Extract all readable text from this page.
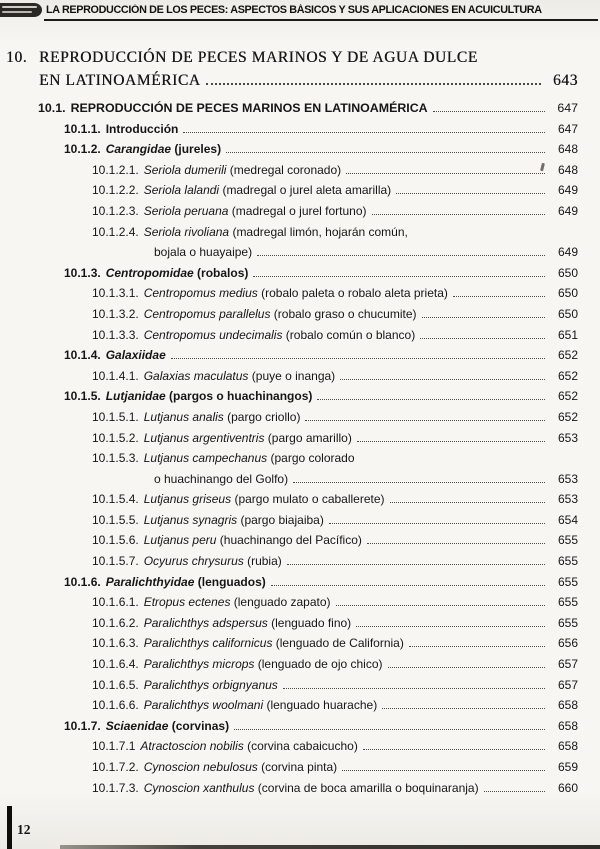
LA REPRODUCCIÓN DE LOS PECES: ASPECTOS BÁSICOS Y SUS APLICACIONES EN ACUICULTURA
10. REPRODUCCIÓN DE PECES MARINOS Y DE AGUA DULCE
EN LATINOAMÉRICA	643
10.1. REPRODUCCIÓN DE PECES MARINOS EN LATINOAMÉRICA	647
10.1.1. Introducción	647
10.1.2. Carangidae (jureles)	648
10.1.2.1. Seriola dumerili (medregal coronado)	648
10.1.2.2. Seriola lalandi (madregal o jurel aleta amarilla)	649
10.1.2.3. Seriola peruana (madregal o jurel fortuno)	649
10.1.2.4. Seriola rivoliana (madregal limón, hojarán común,
bojala o huayaipe)	649
10.1.3. Centropomidae (robalos)	650
10.1.3.1. Centropomus medius (robalo paleta o robalo aleta prieta)	650
10.1.3.2. Centropomus parallelus (robalo graso o chucumite)	650
10.1.3.3. Centropomus undecimalis (robalo común o blanco)	651
10.1.4. Galaxiidae	652
10.1.4.1. Galaxias maculatus (puye o inanga)	652
10.1.5. Lutjanidae (pargos o huachinangos)	652
10.1.5.1. Lutjanus analis (pargo criollo)	652
10.1.5.2. Lutjanus argentiventris (pargo amarillo)	653
10.1.5.3. Lutjanus campechanus (pargo colorado
o huachinango del Golfo)	653
10.1.5.4. Lutjanus griseus (pargo mulato o caballerete)	653
10.1.5.5. Lutjanus synagris (pargo biajaiba)	654
10.1.5.6. Lutjanus peru (huachinango del Pacífico)	655
10.1.5.7. Ocyurus chrysurus (rubia)	655
10.1.6. Paralichthyidae (lenguados)	655
10.1.6.1. Etropus ectenes (lenguado zapato)	655
10.1.6.2. Paralichthys adspersus (lenguado fino)	655
10.1.6.3. Paralichthys californicus (lenguado de California)	656
10.1.6.4. Paralichthys microps (lenguado de ojo chico)	657
10.1.6.5. Paralichthys orbignyanus	657
10.1.6.6. Paralichthys woolmani (lenguado huarache)	658
10.1.7. Sciaenidae (corvinas)	658
10.1.7.1 Atractoscion nobilis (corvina cabaicucho)	658
10.1.7.2. Cynoscion nebulosus (corvina pinta)	659
10.1.7.3. Cynoscion xanthulus (corvina de boca amarilla o boquinaranja)	660
12
